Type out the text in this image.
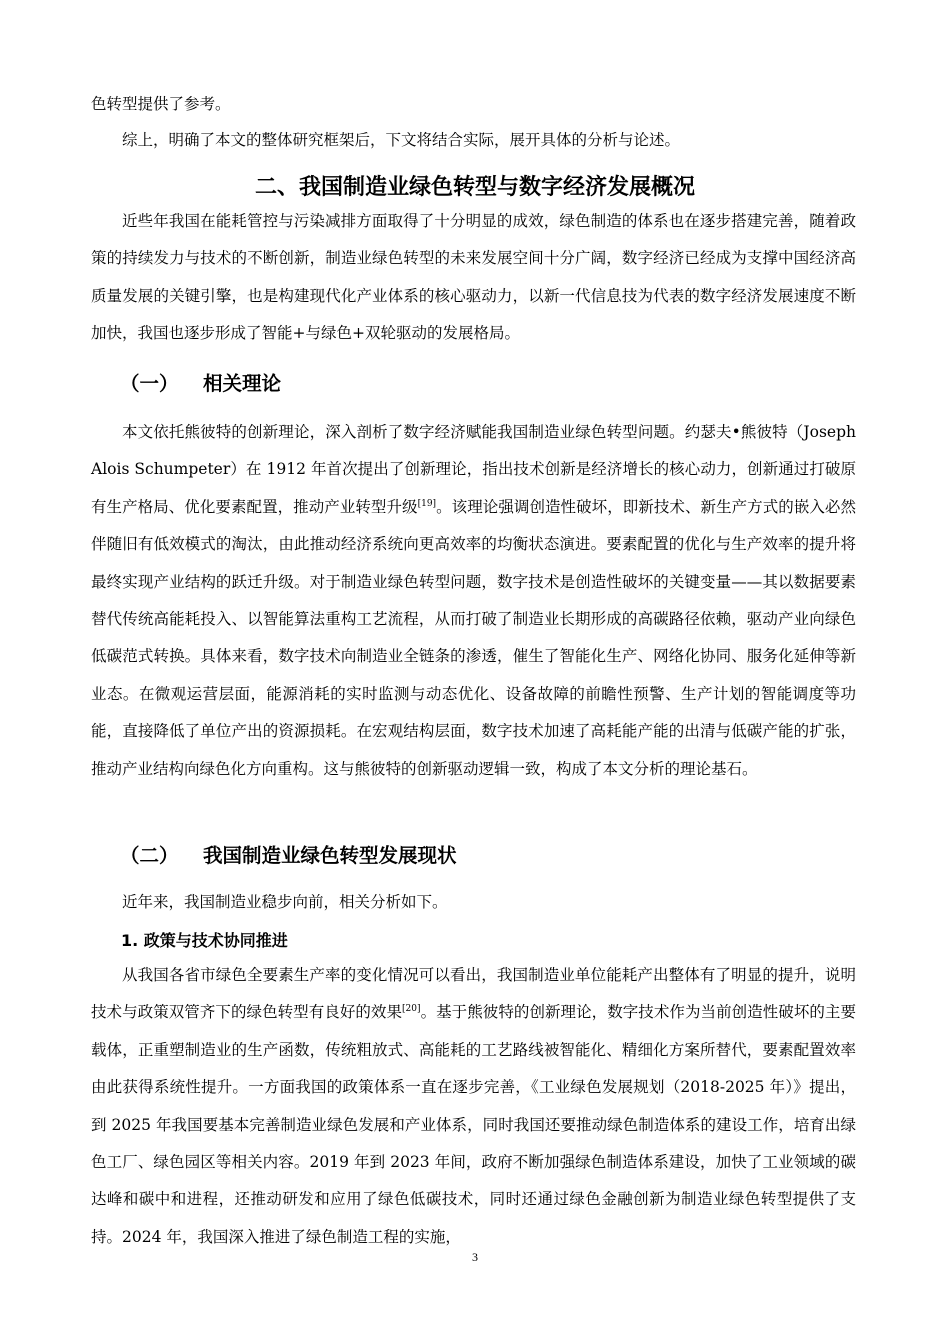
色转型提供了参考。

综上，明确了本文的整体研究框架后，下文将结合实际，展开具体的分析与论述。

二、我国制造业绿色转型与数字经济发展概况

近些年我国在能耗管控与污染减排方面取得了十分明显的成效，绿色制造的体系也在逐步搭建完善，随着政策的持续发力与技术的不断创新，制造业绿色转型的未来发展空间十分广阔，数字经济已经成为支撑中国经济高质量发展的关键引擎，也是构建现代化产业体系的核心驱动力，以新一代信息技为代表的数字经济发展速度不断加快，我国也逐步形成了智能+与绿色+双轮驱动的发展格局。

（一） 相关理论

本文依托熊彼特的创新理论，深入剖析了数字经济赋能我国制造业绿色转型问题。约瑟夫•熊彼特（Joseph Alois Schumpeter）在 1912 年首次提出了创新理论，指出技术创新是经济增长的核心动力，创新通过打破原有生产格局、优化要素配置，推动产业转型升级[19]。该理论强调创造性破坏，即新技术、新生产方式的嵌入必然伴随旧有低效模式的淘汰，由此推动经济系统向更高效率的均衡状态演进。要素配置的优化与生产效率的提升将最终实现产业结构的跃迁升级。对于制造业绿色转型问题，数字技术是创造性破坏的关键变量——其以数据要素替代传统高能耗投入、以智能算法重构工艺流程，从而打破了制造业长期形成的高碳路径依赖，驱动产业向绿色低碳范式转换。具体来看，数字技术向制造业全链条的渗透，催生了智能化生产、网络化协同、服务化延伸等新业态。在微观运营层面，能源消耗的实时监测与动态优化、设备故障的前瞻性预警、生产计划的智能调度等功能，直接降低了单位产出的资源损耗。在宏观结构层面，数字技术加速了高耗能产能的出清与低碳产能的扩张，推动产业结构向绿色化方向重构。这与熊彼特的创新驱动逻辑一致，构成了本文分析的理论基石。

（二） 我国制造业绿色转型发展现状

近年来，我国制造业稳步向前，相关分析如下。

1. 政策与技术协同推进

从我国各省市绿色全要素生产率的变化情况可以看出，我国制造业单位能耗产出整体有了明显的提升，说明技术与政策双管齐下的绿色转型有良好的效果[20]。基于熊彼特的创新理论，数字技术作为当前创造性破坏的主要载体，正重塑制造业的生产函数，传统粗放式、高能耗的工艺路线被智能化、精细化方案所替代，要素配置效率由此获得系统性提升。一方面我国的政策体系一直在逐步完善，《工业绿色发展规划（2018-2025 年）》提出，到 2025 年我国要基本完善制造业绿色发展和产业体系，同时我国还要推动绿色制造体系的建设工作，培育出绿色工厂、绿色园区等相关内容。2019 年到 2023 年间，政府不断加强绿色制造体系建设，加快了工业领域的碳达峰和碳中和进程，还推动研发和应用了绿色低碳技术，同时还通过绿色金融创新为制造业绿色转型提供了支持。2024 年，我国深入推进了绿色制造工程的实施，

3
